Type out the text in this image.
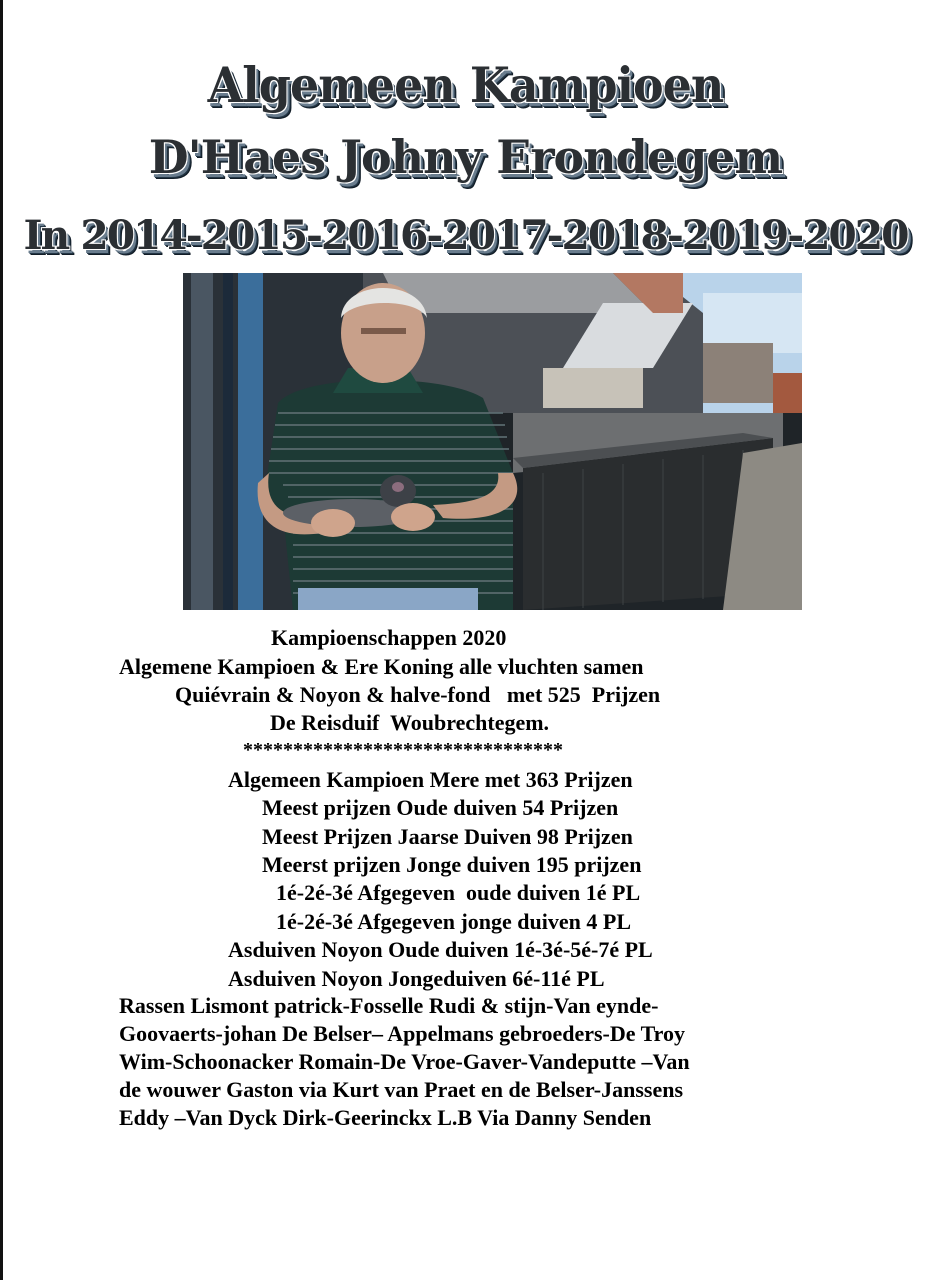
Algemeen Kampioen
D'Haes Johny Erondegem
In 2014-2015-2016-2017-2018-2019-2020
Kampioenschappen 2020
Algemene Kampioen & Ere Koning alle vluchten samen
Quiévrain & Noyon & halve-fond   met 525  Prijzen
De Reisduif  Woubrechtegem.
********************************
Algemeen Kampioen Mere met 363 Prijzen
Meest prijzen Oude duiven 54 Prijzen
Meest Prijzen Jaarse Duiven 98 Prijzen
Meerst prijzen Jonge duiven 195 prijzen
1é-2é-3é Afgegeven  oude duiven 1é PL
1é-2é-3é Afgegeven jonge duiven 4 PL
Asduiven Noyon Oude duiven 1é-3é-5é-7é PL
Asduiven Noyon Jongeduiven 6é-11é PL
Rassen Lismont patrick-Fosselle Rudi & stijn-Van eynde-
Goovaerts-johan De Belser– Appelmans gebroeders-De Troy
Wim-Schoonacker Romain-De Vroe-Gaver-Vandeputte –Van
de wouwer Gaston via Kurt van Praet en de Belser-Janssens
Eddy –Van Dyck Dirk-Geerinckx L.B Via Danny Senden
